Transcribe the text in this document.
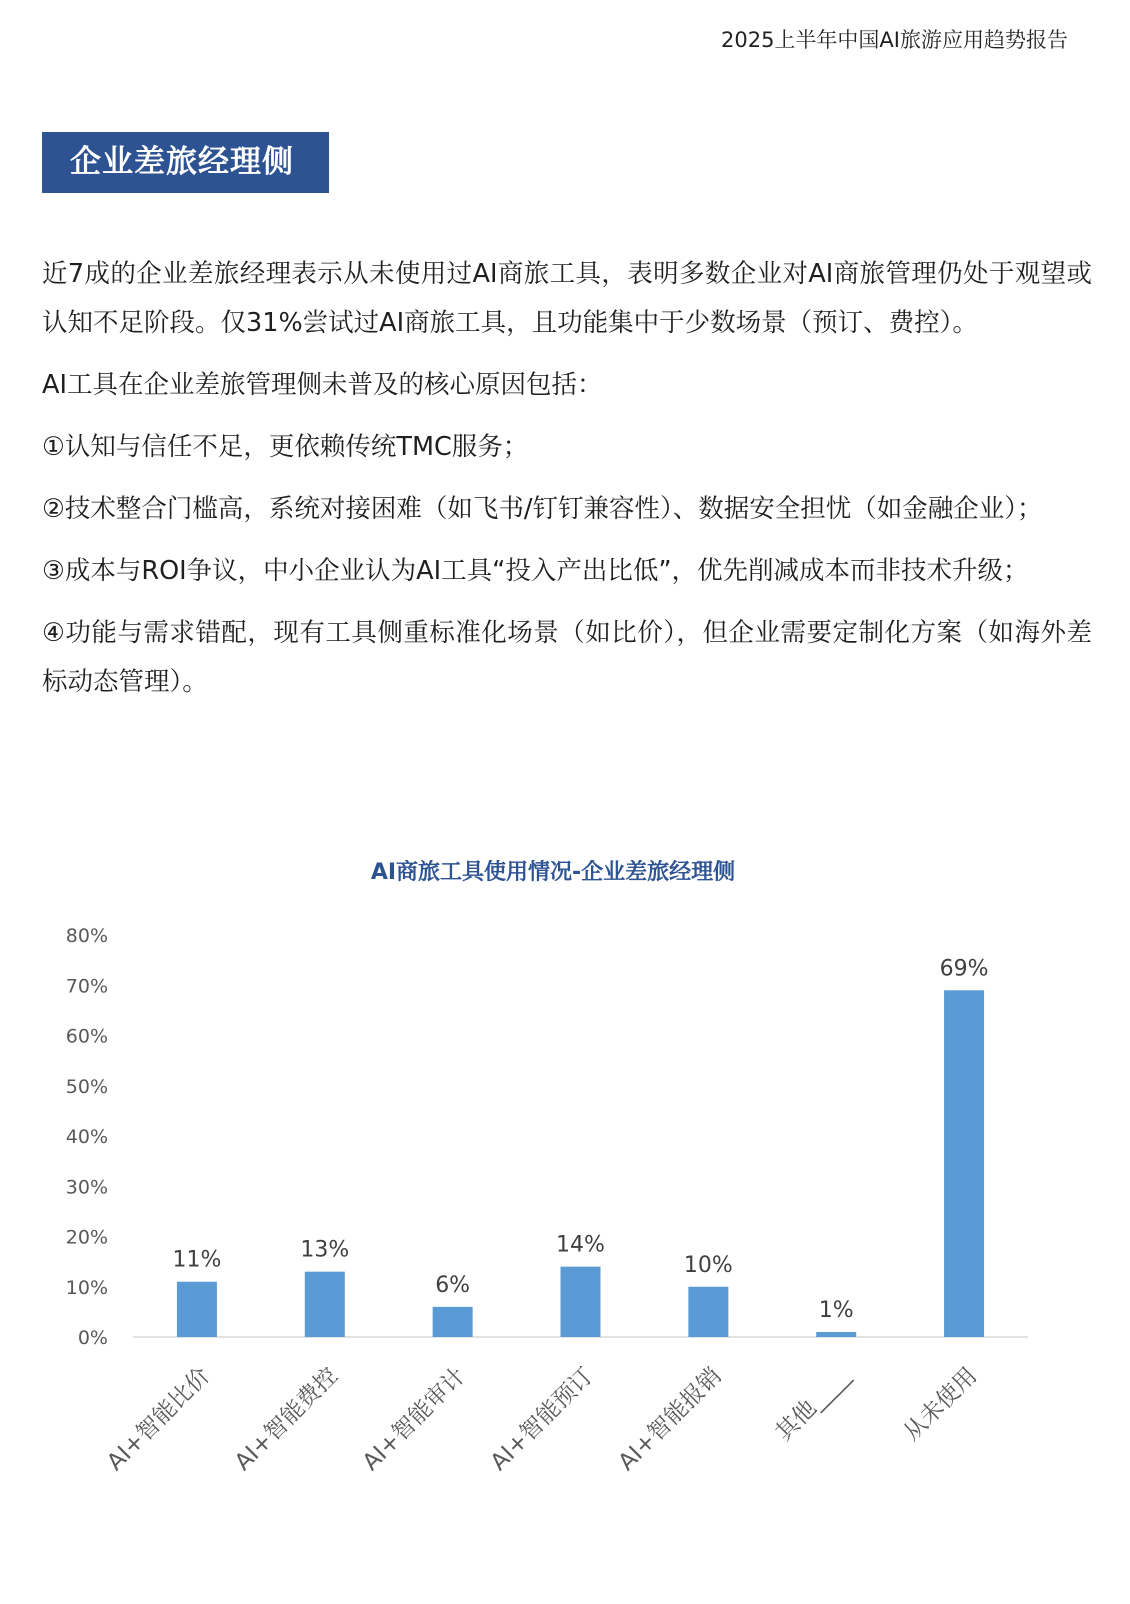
2025上半年中国AI旅游应用趋势报告
企业差旅经理侧

近7成的企业差旅经理表示从未使用过AI商旅工具，表明多数企业对AI商旅管理仍处于观望或认知不足阶段。仅31%尝试过AI商旅工具，且功能集中于少数场景（预订、费控）。

AI工具在企业差旅管理侧未普及的核心原因包括：

①认知与信任不足，更依赖传统TMC服务；

②技术整合门槛高，系统对接困难（如飞书/钉钉兼容性）、数据安全担忧（如金融企业）；

③成本与ROI争议，中小企业认为AI工具“投入产出比低”，优先削减成本而非技术升级；

④功能与需求错配，现有工具侧重标准化场景（如比价），但企业需要定制化方案（如海外差标动态管理）。

AI商旅工具使用情况-企业差旅经理侧
0%
10%
20%
30%
40%
50%
60%
70%
80%
11%
AI+智能比价
13%
AI+智能费控
6%
AI+智能审计
14%
AI+智能预订
10%
AI+智能报销
1%
其他____
69%
从未使用
